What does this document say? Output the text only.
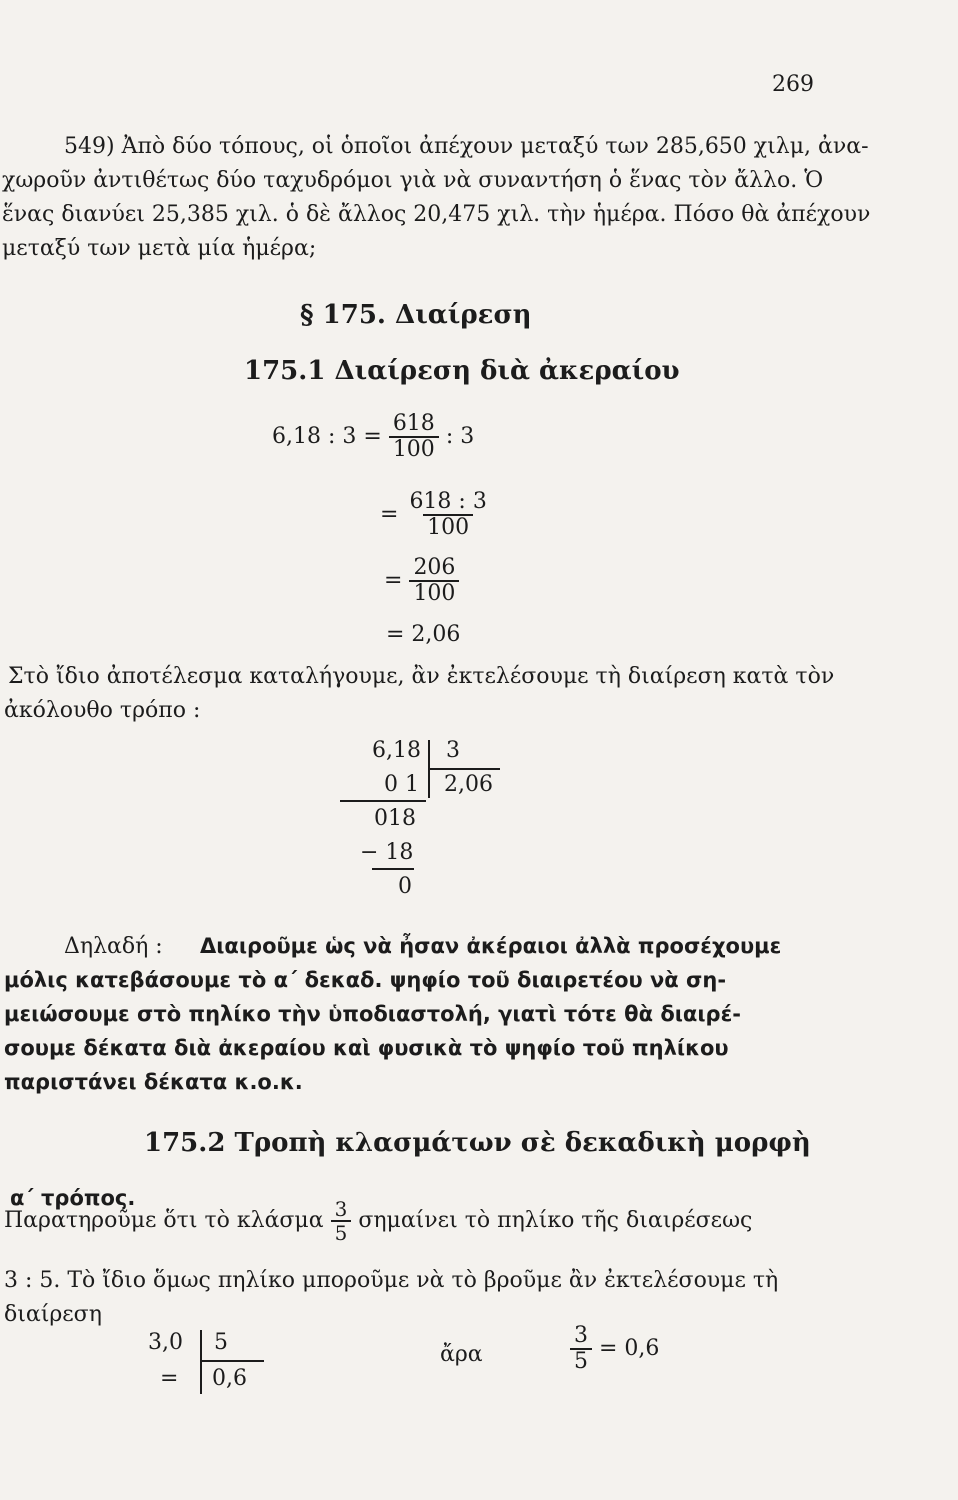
269
549) Ἀπὸ δύο τόπους, οἱ ὁποῖοι ἀπέχουν μεταξύ των 285,650 χιλμ, ἀνα-
χωροῦν ἀντιθέτως δύο ταχυδρόμοι γιὰ νὰ συναντήση ὁ ἕνας τὸν ἄλλο. Ὁ
ἕνας διανύει 25,385 χιλ. ὁ δὲ ἄλλος 20,475 χιλ. τὴν ἡμέρα. Πόσο θὰ ἀπέχουν
μεταξύ των μετὰ μία ἡμέρα;
§ 175. Διαίρεση
175.1 Διαίρεση διὰ ἀκεραίου
6,18 : $3 = \frac{618}{100}$ : 3
= $\frac{618 : 3}{100}$
= $\frac{206}{100}$
= 2,06
Στὸ ἴδιο ἀποτέλεσμα καταλήγουμε, ἂν ἐκτελέσουμε τὴ διαίρεση κατὰ τὸν
ἀκόλουθο τρόπο :
6,18 3
0 1 2,06
018
− 18
0
Δηλαδή : Διαιροῦμε ὡς νὰ ἦσαν ἀκέραιοι ἀλλὰ προσέχουμε
μόλις κατεβάσουμε τὸ α΄ δεκαδ. ψηφίο τοῦ διαιρετέου νὰ ση-
μειώσουμε στὸ πηλίκο τὴν ὑποδιαστολή, γιατὶ τότε θὰ διαιρέ-
σουμε δέκατα διὰ ἀκεραίου καὶ φυσικὰ τὸ ψηφίο τοῦ πηλίκου
παριστάνει δέκατα κ.ο.κ.
175.2 Τροπὴ κλασμάτων σὲ δεκαδικὴ μορφὴ
α΄ τρόπος.
Παρατηροῦμε ὅτι τὸ κλάσμα $\frac{3}{5}$ σημαίνει τὸ πηλίκο τῆς διαιρέσεως
3 : 5. Τὸ ἴδιο ὅμως πηλίκο μποροῦμε νὰ τὸ βροῦμε ἂν ἐκτελέσουμε τὴ
διαίρεση
3,0 5
= 0,6
ἄρα	$\frac{3}{5} = 0,6$
